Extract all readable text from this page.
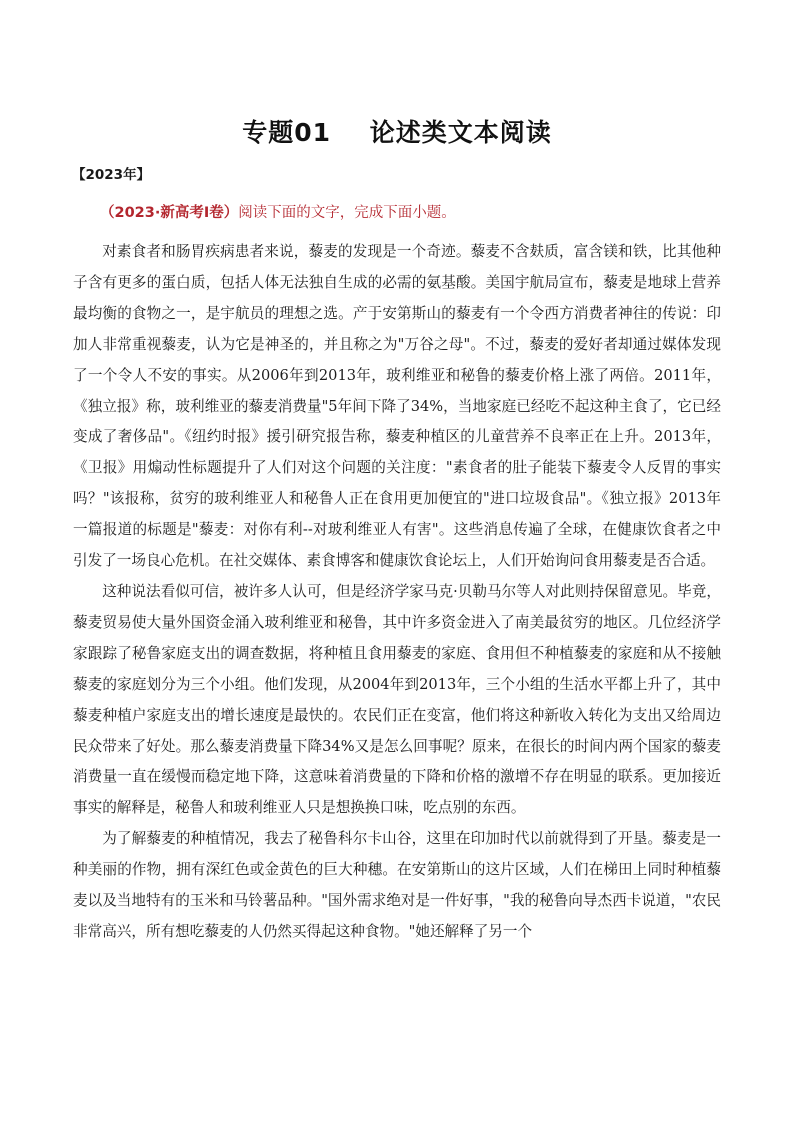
专题01    论述类文本阅读
【2023年】
（2023·新高考Ⅰ卷）阅读下面的文字，完成下面小题。

对素食者和肠胃疾病患者来说，藜麦的发现是一个奇迹。藜麦不含麸质，富含镁和铁，比其他种子含有更多的蛋白质，包括人体无法独自生成的必需的氨基酸。美国宇航局宣布，藜麦是地球上营养最均衡的食物之一，是宇航员的理想之选。产于安第斯山的藜麦有一个令西方消费者神往的传说：印加人非常重视藜麦，认为它是神圣的，并且称之为"万谷之母"。不过，藜麦的爱好者却通过媒体发现了一个令人不安的事实。从2006年到2013年，玻利维亚和秘鲁的藜麦价格上涨了两倍。2011年，《独立报》称，玻利维亚的藜麦消费量"5年间下降了34%，当地家庭已经吃不起这种主食了，它已经变成了奢侈品"。《纽约时报》援引研究报告称，藜麦种植区的儿童营养不良率正在上升。2013年，《卫报》用煽动性标题提升了人们对这个问题的关注度："素食者的肚子能装下藜麦令人反胃的事实吗？"该报称，贫穷的玻利维亚人和秘鲁人正在食用更加便宜的"进口垃圾食品"。《独立报》2013年一篇报道的标题是"藜麦：对你有利--对玻利维亚人有害"。这些消息传遍了全球，在健康饮食者之中引发了一场良心危机。在社交媒体、素食博客和健康饮食论坛上，人们开始询问食用藜麦是否合适。

这种说法看似可信，被许多人认可，但是经济学家马克·贝勒马尔等人对此则持保留意见。毕竟，藜麦贸易使大量外国资金涌入玻利维亚和秘鲁，其中许多资金进入了南美最贫穷的地区。几位经济学家跟踪了秘鲁家庭支出的调查数据，将种植且食用藜麦的家庭、食用但不种植藜麦的家庭和从不接触藜麦的家庭划分为三个小组。他们发现，从2004年到2013年，三个小组的生活水平都上升了，其中藜麦种植户家庭支出的增长速度是最快的。农民们正在变富，他们将这种新收入转化为支出又给周边民众带来了好处。那么藜麦消费量下降34%又是怎么回事呢？原来，在很长的时间内两个国家的藜麦消费量一直在缓慢而稳定地下降，这意味着消费量的下降和价格的激增不存在明显的联系。更加接近事实的解释是，秘鲁人和玻利维亚人只是想换换口味，吃点别的东西。

为了解藜麦的种植情况，我去了秘鲁科尔卡山谷，这里在印加时代以前就得到了开垦。藜麦是一种美丽的作物，拥有深红色或金黄色的巨大种穗。在安第斯山的这片区域，人们在梯田上同时种植藜麦以及当地特有的玉米和马铃薯品种。"国外需求绝对是一件好事，"我的秘鲁向导杰西卡说道，"农民非常高兴，所有想吃藜麦的人仍然买得起这种食物。"她还解释了另一个
